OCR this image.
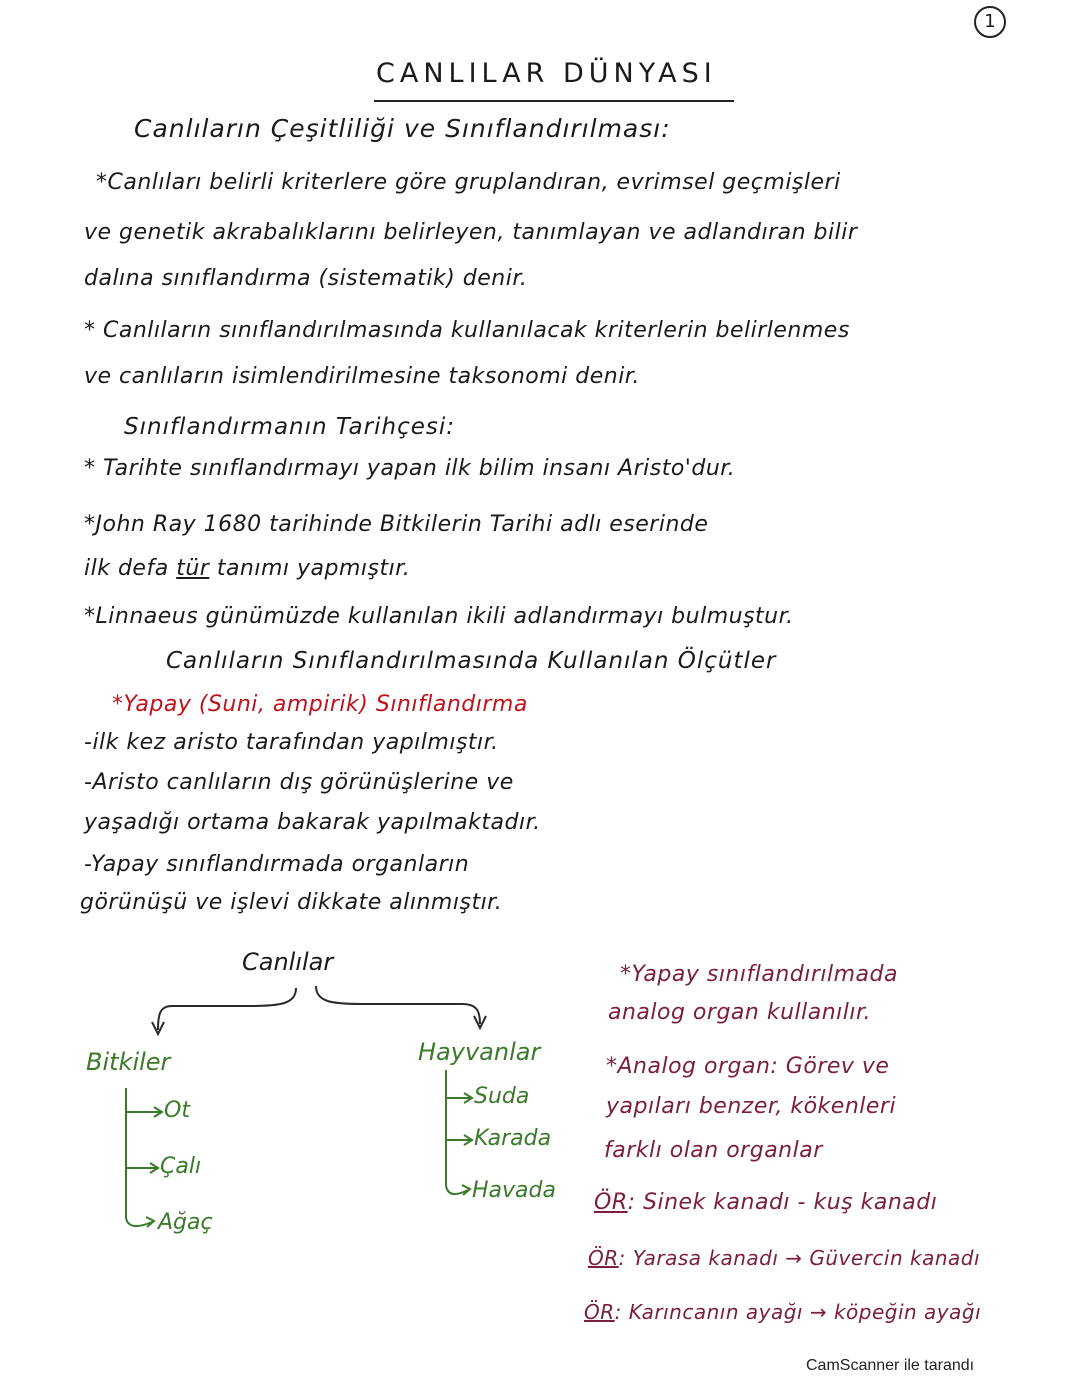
1
CANLILAR DÜNYASI
Canlıların Çeşitliliği ve Sınıflandırılması:
*Canlıları belirli kriterlere göre gruplandıran, evrimsel geçmişleri
ve genetik akrabalıklarını belirleyen, tanımlayan ve adlandıran bilir
dalına sınıflandırma (sistematik) denir.
* Canlıların sınıflandırılmasında kullanılacak kriterlerin belirlenmes
ve canlıların isimlendirilmesine taksonomi denir.
Sınıflandırmanın Tarihçesi:
* Tarihte sınıflandırmayı yapan ilk bilim insanı Aristo'dur.
*John Ray 1680 tarihinde Bitkilerin Tarihi adlı eserinde
ilk defa tür tanımı yapmıştır.
*Linnaeus günümüzde kullanılan ikili adlandırmayı bulmuştur.
Canlıların Sınıflandırılmasında Kullanılan Ölçütler
*Yapay (Suni, ampirik) Sınıflandırma
-ilk kez aristo tarafından yapılmıştır.
-Aristo canlıların dış görünüşlerine ve
yaşadığı ortama bakarak yapılmaktadır.
-Yapay sınıflandırmada organların
görünüşü ve işlevi dikkate alınmıştır.
Canlılar
Bitkiler
Ot
Çalı
Ağaç
Hayvanlar
Suda
Karada
Havada
*Yapay sınıflandırılmada
analog organ kullanılır.
*Analog organ: Görev ve
yapıları benzer, kökenleri
farklı olan organlar
ÖR: Sinek kanadı - kuş kanadı
ÖR: Yarasa kanadı → Güvercin kanadı
ÖR: Karıncanın ayağı → köpeğin ayağı
CamScanner ile tarandı
